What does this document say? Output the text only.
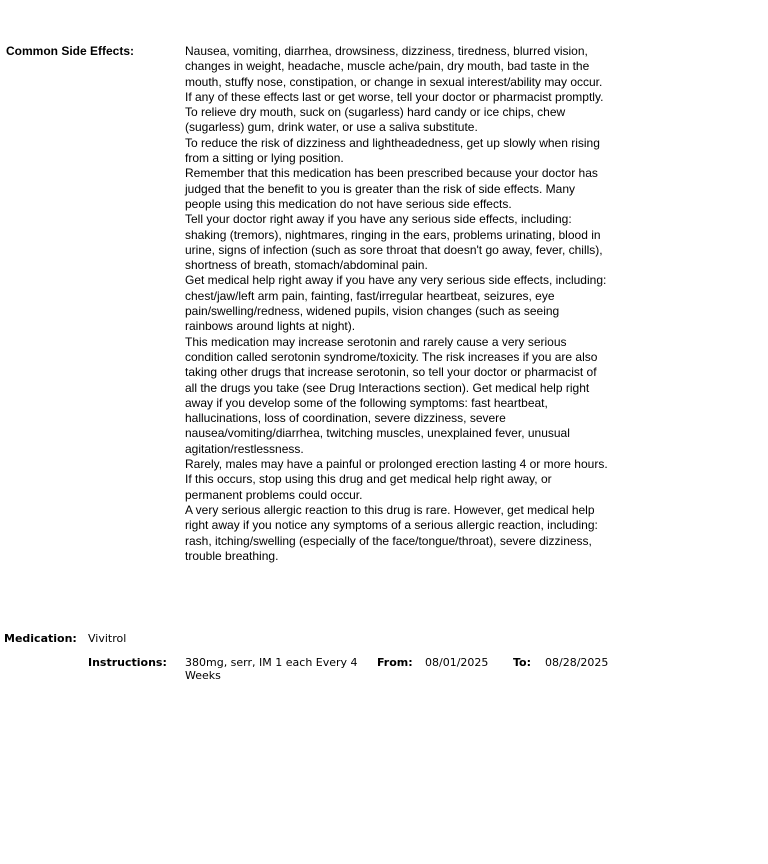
Common Side Effects:	Nausea, vomiting, diarrhea, drowsiness, dizziness, tiredness, blurred vision, changes in weight, headache, muscle ache/pain, dry mouth, bad taste in the mouth, stuffy nose, constipation, or change in sexual interest/ability may occur. If any of these effects last or get worse, tell your doctor or pharmacist promptly.

To relieve dry mouth, suck on (sugarless) hard candy or ice chips, chew (sugarless) gum, drink water, or use a saliva substitute.

To reduce the risk of dizziness and lightheadedness, get up slowly when rising from a sitting or lying position.

Remember that this medication has been prescribed because your doctor has judged that the benefit to you is greater than the risk of side effects. Many people using this medication do not have serious side effects.

Tell your doctor right away if you have any serious side effects, including: shaking (tremors), nightmares, ringing in the ears, problems urinating, blood in urine, signs of infection (such as sore throat that doesn't go away, fever, chills), shortness of breath, stomach/abdominal pain.

Get medical help right away if you have any very serious side effects, including: chest/jaw/left arm pain, fainting, fast/irregular heartbeat, seizures, eye pain/swelling/redness, widened pupils, vision changes (such as seeing rainbows around lights at night).

This medication may increase serotonin and rarely cause a very serious condition called serotonin syndrome/toxicity. The risk increases if you are also taking other drugs that increase serotonin, so tell your doctor or pharmacist of all the drugs you take (see Drug Interactions section). Get medical help right away if you develop some of the following symptoms: fast heartbeat, hallucinations, loss of coordination, severe dizziness, severe nausea/vomiting/diarrhea, twitching muscles, unexplained fever, unusual agitation/restlessness.

Rarely, males may have a painful or prolonged erection lasting 4 or more hours. If this occurs, stop using this drug and get medical help right away, or permanent problems could occur.

A very serious allergic reaction to this drug is rare. However, get medical help right away if you notice any symptoms of a serious allergic reaction, including: rash, itching/swelling (especially of the face/tongue/throat), severe dizziness, trouble breathing.

Medication: Vivitrol
Instructions: 380mg, serr, IM 1 each Every 4 Weeks
From: 08/01/2025 To: 08/28/2025
